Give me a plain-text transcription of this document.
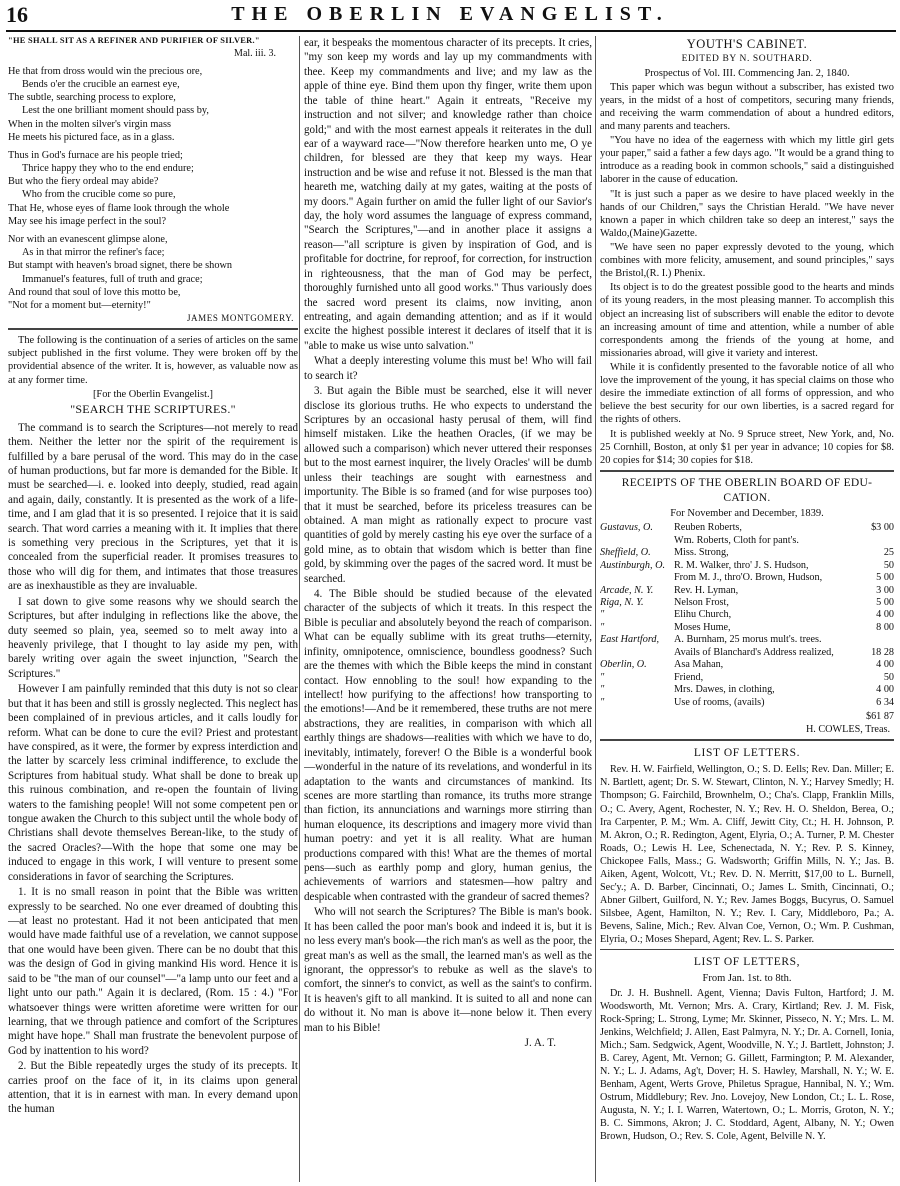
16	THE OBERLIN EVANGELIST.
"HE SHALL SIT AS A REFINER AND PURIFIER OF SILVER."
Mal. iii. 3.
He that from dross would win the precious ore,
Bends o'er the crucible an earnest eye,
The subtle, searching process to explore,
Lest the one brilliant moment should pass by,
When in the molten silver's virgin mass
He meets his pictured face, as in a glass.
Thus in God's furnace are his people tried;
Thrice happy they who to the end endure;
But who the fiery ordeal may abide?
Who from the crucible come so pure,
That He, whose eyes of flame look through the whole
May see his image perfect in the soul?
Nor with an evanescent glimpse alone,
As in that mirror the refiner's face;
But stampt with heaven's broad signet, there be shown
Immanuel's features, full of truth and grace;
And round that soul of love this motto be,
"Not for a moment but—eternity!"
JAMES MONTGOMERY.

The following is the continuation of a series of articles on the same subject published in the first volume. They were broken off by the providential absence of the writer. It is, however, as valuable now as at any former time.

[For the Oberlin Evangelist.]
"SEARCH THE SCRIPTURES."

The command is to search the Scriptures—not merely to read them. Neither the letter nor the spirit of the requirement is fulfilled by a bare perusal of the word. This may do in the case of human productions, but far more is demanded for the Bible. It must be searched—i. e. looked into deeply, studied, read again and again, daily, constantly. It is presented as the work of a life-time, and I am glad that it is so presented. I rejoice that it is said search. That word carries a meaning with it. It implies that there is something very precious in the Scriptures, yet that it is concealed from the superficial reader. It promises treasures to those who will dig for them, and intimates that those treasures are as inexhaustible as they are invaluable.

I sat down to give some reasons why we should search the Scriptures, but after indulging in reflections like the above, the duty seemed so plain, yea, seemed so to melt away into a heavenly privilege, that I thought to lay aside my pen, with barely writing over again the sweet injunction, "Search the Scriptures."

However I am painfully reminded that this duty is not so clear but that it has been and still is grossly neglected. This neglect has been complained of in previous articles, and it calls loudly for reform. What can be done to cure the evil? Priest and protestant have conspired, as it were, the former by express interdiction and the latter by scarcely less criminal indifference, to exclude the Scriptures from habitual study. What shall be done to break up this ruinous combination, and re-open the fountain of living waters to the famishing people! Will not some competent pen or tongue awaken the Church to this subject until the whole body of Christians shall devote themselves Berean-like, to the study of the sacred Oracles?—With the hope that some one may be induced to engage in this work, I will venture to present some considerations in favor of searching the Scriptures.

1. It is no small reason in point that the Bible was written expressly to be searched. No one ever dreamed of doubting this—at least no protestant. Had it not been anticipated that men would have made faithful use of a revelation, we cannot suppose that one would have been given. There can be no doubt that this was the design of God in giving mankind His word. Hence it is said to be "the man of our counsel"—"a lamp unto our feet and a light unto our path." Again it is declared, (Rom. 15 : 4.) "For whatsoever things were written aforetime were written for our learning, that we through patience and comfort of the Scriptures might have hope." Shall man frustrate the benevolent purpose of God by inattention to his word?

2. But the Bible repeatedly urges the study of its precepts. It carries proof on the face of it, in its claims upon general attention, that it is in earnest with man. In every demand upon the human

ear, it bespeaks the momentous character of its precepts. It cries, "my son keep my words and lay up my commandments with thee. Keep my commandments and live; and my law as the apple of thine eye. Bind them upon thy finger, write them upon the table of thine heart." Again it entreats, "Receive my instruction and not silver; and knowledge rather than choice gold;" and with the most earnest appeals it reiterates in the dull ear of a wayward race—"Now therefore hearken unto me, O ye children, for blessed are they that keep my ways. Hear instruction and be wise and refuse it not. Blessed is the man that heareth me, watching daily at my gates, waiting at the posts of my doors." Again further on amid the fuller light of our Savior's day, the holy word assumes the language of express command, "Search the Scriptures,"—and in another place it assigns a reason—"all scripture is given by inspiration of God, and is profitable for doctrine, for reproof, for correction, for instruction in righteousness, that the man of God may be perfect, thoroughly furnished unto all good works." Thus variously does the sacred word present its claims, now inviting, anon entreating, and again demanding attention; and as if it would excite the highest possible interest it declares of itself that it is "able to make us wise unto salvation."

What a deeply interesting volume this must be! Who will fail to search it?

3. But again the Bible must be searched, else it will never disclose its glorious truths. He who expects to understand the Scriptures by an occasional hasty perusal of them, will find himself mistaken. Like the heathen Oracles, (if we may be allowed such a comparison) which never uttered their responses but to the most earnest inquirer, the lively Oracles' will be dumb unless their teachings are sought with earnestness and importunity. The Bible is so framed (and for wise purposes too) that it must be searched, before its priceless treasures can be obtained. A man might as rationally expect to procure vast quantities of gold by merely casting his eye over the surface of a gold mine, as to obtain that wisdom which is better than fine gold, by skimming over the pages of the sacred word. It must be searched.

4. The Bible should be studied because of the elevated character of the subjects of which it treats. In this respect the Bible is peculiar and absolutely beyond the reach of comparison. What can be equally sublime with its great truths—eternity, infinity, omnipotence, omniscience, boundless goodness? Such are the themes with which the Bible keeps the mind in constant contact. How ennobling to the soul! how expanding to the intellect! how purifying to the affections! how transporting to the emotions!—And be it remembered, these truths are not mere abstractions, they are realities, in comparison with which all earthly things are shadows—realities with which we have to do, inevitably, intimately, forever! O the Bible is a wonderful book—wonderful in the nature of its revelations, and wonderful in its adaptation to the wants and circumstances of mankind. Its scenes are more startling than romance, its truths more strange than fiction, its annunciations and warnings more stirring than human eloquence, its descriptions and imagery more vivid than human poetry: and yet it is all reality. What are human productions compared with this! What are the themes of mortal pens—such as earthly pomp and glory, human genius, the achievements of warriors and statesmen—how paltry and despicable when contrasted with the grandeur of sacred themes?

Who will not search the Scriptures? The Bible is man's book. It has been called the poor man's book and indeed it is, but it is no less every man's book—the rich man's as well as the poor, the great man's as well as the small, the learned man's as well as the ignorant, the oppressor's to rebuke as well as the slave's to comfort, the sinner's to convict, as well as the saint's to confirm. It is heaven's gift to all mankind. It is suited to all and none can do without it. No man is above it—none below it. Then every man to his Bible!

J. A. T.
YOUTH'S CABINET.
EDITED BY N. SOUTHARD.
Prospectus of Vol. III. Commencing Jan. 2, 1840.

This paper which was begun without a subscriber, has existed two years, in the midst of a host of competitors, securing many friends, and receiving the warm commendation of about a hundred editors, and many parents and teachers.

"You have no idea of the eagerness with which my little girl gets your paper," said a father a few days ago. "It would be a grand thing to introduce as a reading book in common schools," said a distinguished laborer in the cause of education.

"It is just such a paper as we desire to have placed weekly in the hands of our Children," says the Christian Herald. "We have never known a paper in which children take so deep an interest," says the Waldo,(Maine)Gazette.

"We have seen no paper expressly devoted to the young, which combines with more felicity, amusement, and sound principles," says the Bristol,(R. I.) Phenix.

Its object is to do the greatest possible good to the hearts and minds of its young readers, in the most pleasing manner. To accomplish this object an increasing list of subscribers will enable the editor to devote an increasing amount of time and attention, while a number of able correspondents among the friends of the young at home, and missionaries abroad, will give it variety and interest.

While it is confidently presented to the favorable notice of all who love the improvement of the young, it has special claims on those who desire the immediate extinction of all forms of oppression, and who believe the best security for our own liberties, is a sacred regard for the rights of others.

It is published weekly at No. 9 Spruce street, New York, and, No. 25 Cornhill, Boston, at only $1 per year in advance; 10 copies for $8. 20 copies for $14; 30 copies for $18.

RECEIPTS OF THE OBERLIN BOARD OF EDU-
CATION.
For November and December, 1839.
Gustavus, O.	Reuben Roberts,	$3 00
	Wm. Roberts, Cloth for pant's.	
Sheffield, O.	Miss. Strong,	25
Austinburgh, O.	R. M. Walker, thro' J. S. Hudson,	50
	From M. J., thro'O. Brown, Hudson,	5 00
Arcade, N. Y.	Rev. H. Lyman,	3 00
Riga, N. Y.	Nelson Frost,	5 00
"	Elihu Church,	4 00
"	Moses Hume,	8 00
East Hartford,	A. Burnham, 25 morus mult's. trees.	
	Avails of Blanchard's Address realized,	18 28
Oberlin, O.	Asa Mahan,	4 00
"	Friend,	50
"	Mrs. Dawes, in clothing,	4 00
"	Use of rooms, (avails)	6 34
$61 87
H. COWLES, Treas.
LIST OF LETTERS.

Rev. H. W. Fairfield, Wellington, O.; S. D. Eells; Rev. Dan. Miller; E. N. Bartlett, agent; Dr. S. W. Stewart, Clinton, N. Y.; Harvey Smedly; H. Thompson; G. Fairchild, Brownhelm, O.; Cha's. Clapp, Franklin Mills, O.; C. Avery, Agent, Rochester, N. Y.; Rev. H. O. Sheldon, Berea, O.; Ira Carpenter, P. M.; Wm. A. Cliff, Jewitt City, Ct.; H. H. Johnson, P. M. Akron, O.; R. Redington, Agent, Elyria, O.; A. Turner, P. M. Chester Roads, O.; Lewis H. Lee, Schenectada, N. Y.; Rev. P. S. Kinney, Chickopee Falls, Mass.; G. Wadsworth; Griffin Mills, N. Y.; Jas. B. Aiken, Agent, Wolcott, Vt.; Rev. D. N. Merritt, $17,00 to L. Burnell, Sec'y.; A. D. Barber, Cincinnati, O.; James L. Smith, Cincinnati, O.; Abner Gilbert, Guilford, N. Y.; Rev. James Boggs, Bucyrus, O. Samuel Silsbee, Agent, Hamilton, N. Y.; Rev. I. Cary, Middleboro, Pa.; A. Bevens, Saline, Mich.; Rev. Alvan Coe, Vernon, O.; Wm. P. Cushman, Elyria, O.; Moses Shepard, Agent; Rev. L. S. Parker.

LIST OF LETTERS,
From Jan. 1st. to 8th.

Dr. J. H. Bushnell. Agent, Vienna; Davis Fulton, Hartford; J. M. Woodsworth, Mt. Vernon; Mrs. A. Crary, Kirtland; Rev. J. M. Fisk, Rock-Spring; L. Strong, Lyme; Mr. Skinner, Pisseco, N. Y.; Mrs. L. M. Jenkins, Welchfield; J. Allen, East Palmyra, N. Y.; Dr. A. Cornell, Ionia, Mich.; Sam. Sedgwick, Agent, Woodville, N. Y.; J. Bartlett, Johnston; J. B. Carey, Agent, Mt. Vernon; G. Gillett, Farmington; P. M. Alexander, N. Y.; L. J. Adams, Ag't, Dover; H. S. Hawley, Marshall, N. Y.; W. E. Benham, Agent, Werts Grove, Philetus Sprague, Hannibal, N. Y.; Wm. Ostrum, Middlebury; Rev. Jno. Lovejoy, New London, Ct.; L. L. Rose, Augusta, N. Y.; I. I. Warren, Watertown, O.; L. Morris, Groton, N. Y.; B. C. Simmons, Akron; J. C. Stoddard, Agent, Albany, N. Y.; Owen Brown, Hudson, O.; Rev. S. Cole, Agent, Belville N. Y.
